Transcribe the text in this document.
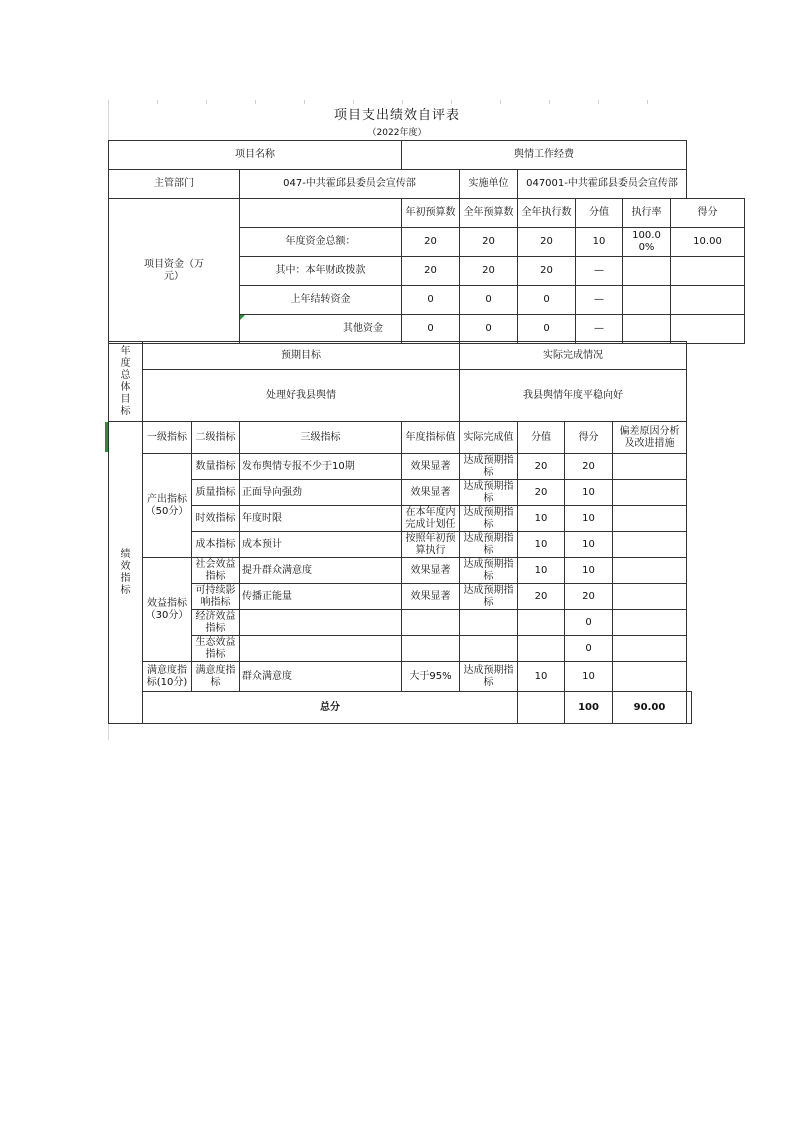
项目支出绩效自评表
（2022年度）
项目名称		舆情工作经费		
主管部门	047-中共霍邱县委员会宣传部		实施单位	047001-中共霍邱县委员会宣传部
项目资金（万元）		年初预算数	全年预算数	全年执行数	分值	执行率	得分
	年度资金总额：	20	20	20	10	100.00%	10.00
	其中：本年财政拨款	20	20	20	—		
	上年结转资金	0	0	0	—		
	其他资金	0	0	0	—		
年度总体目标	预期目标				实际完成情况				
	处理好我县舆情				我县舆情年度平稳向好				
绩效指标	一级指标	二级指标	三级指标	年度指标值	实际完成值	分值	得分	偏差原因分析及改进措施	
	产出指标（50分）	数量指标	发布舆情专报不少于10期	效果显著	达成预期指标	20	20		
		质量指标	正面导向强劲	效果显著	达成预期指标	20	10		
		时效指标	年度时限	在本年度内完成计划任	达成预期指标	10	10		
		成本指标	成本预计	按照年初预算执行	达成预期指标	10	10		
	效益指标（30分）	社会效益指标	提升群众满意度	效果显著	达成预期指标	10	10		
		可持续影响指标	传播正能量	效果显著	达成预期指标	20	20		
		经济效益指标					0		
		生态效益指标					0		
	满意度指标(10分)	满意度指标	群众满意度	大于95%	达成预期指标	10	10		
	总分						100	90.00	
